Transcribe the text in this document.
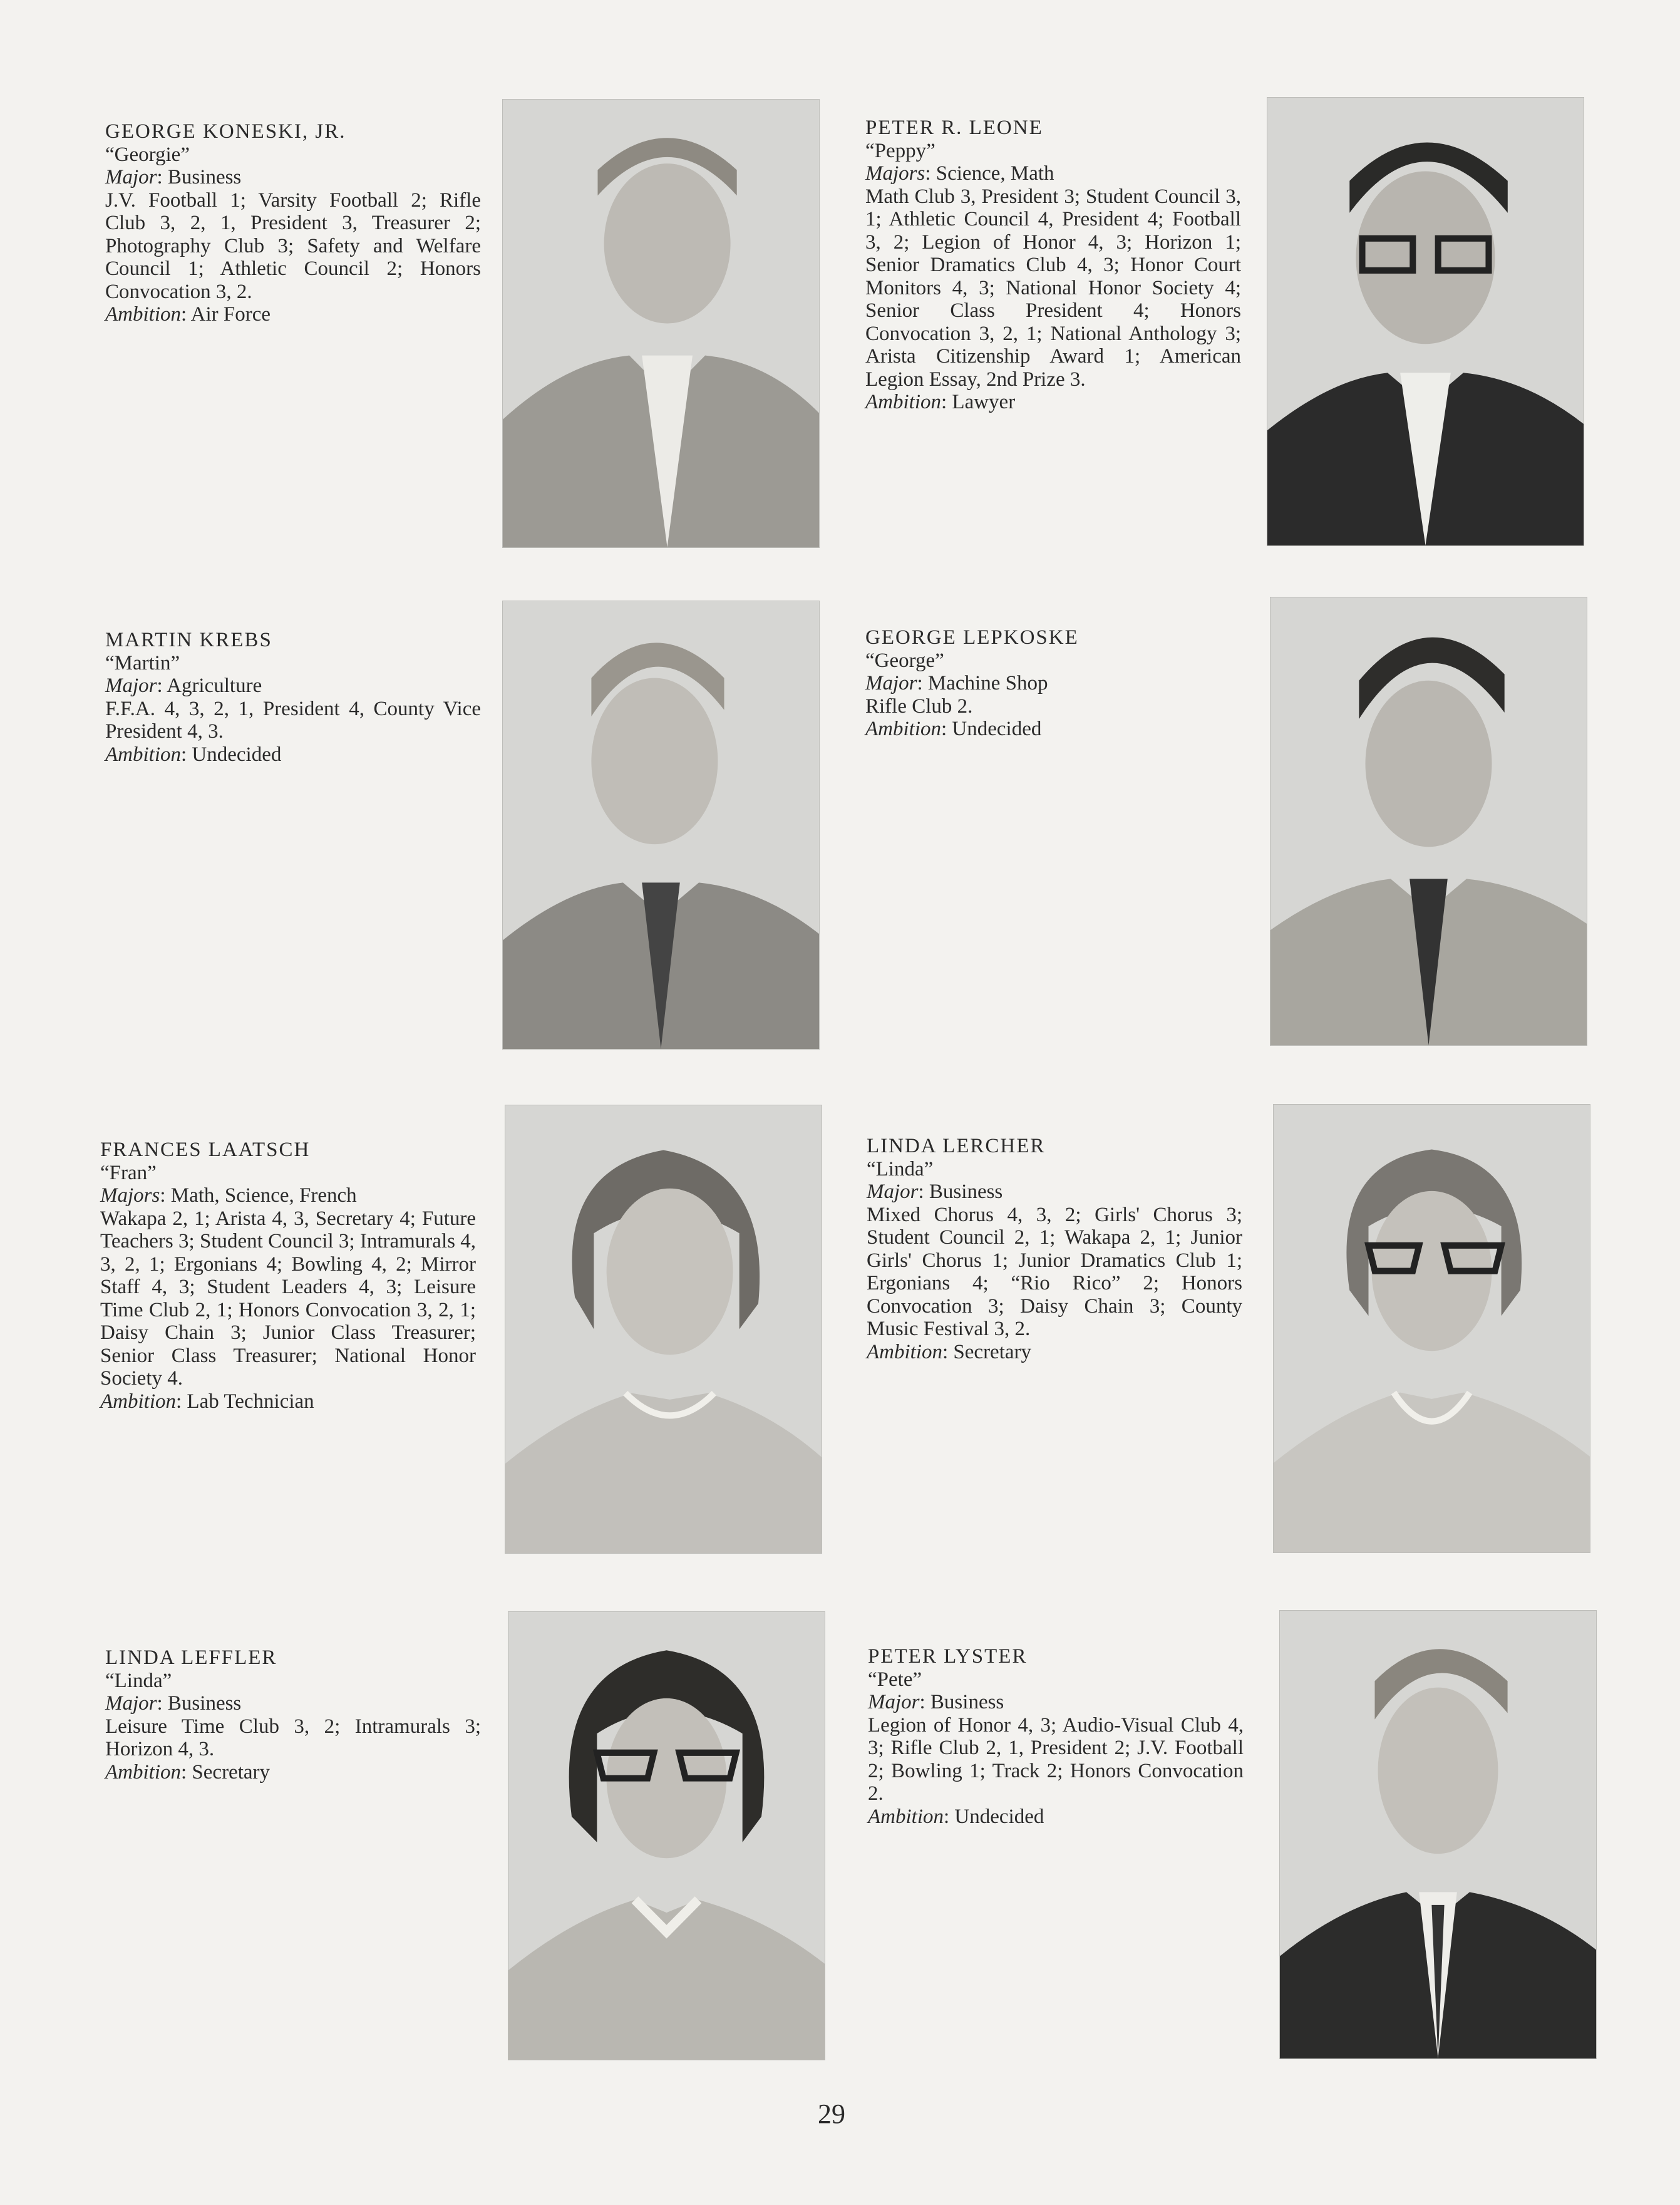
GEORGE KONESKI, JR.
“Georgie”
Major: Business
J.V. Football 1; Varsity Football 2; Rifle Club 3, 2, 1, President 3, Treasurer 2; Photography Club 3; Safety and Welfare Council 1; Athletic Council 2; Honors Convocation 3, 2.
Ambition: Air Force
PETER R. LEONE
“Peppy”
Majors: Science, Math
Math Club 3, President 3; Student Council 3, 1; Athletic Council 4, President 4; Football 3, 2; Legion of Honor 4, 3; Horizon 1; Senior Dramatics Club 4, 3; Honor Court Monitors 4, 3; National Honor Society 4; Senior Class President 4; Honors Convocation 3, 2, 1; National Anthology 3; Arista Citizenship Award 1; American Legion Essay, 2nd Prize 3.
Ambition: Lawyer
MARTIN KREBS
“Martin”
Major: Agriculture
F.F.A. 4, 3, 2, 1, President 4, County Vice President 4, 3.
Ambition: Undecided
GEORGE LEPKOSKE
“George”
Major: Machine Shop
Rifle Club 2.
Ambition: Undecided
FRANCES LAATSCH
“Fran”
Majors: Math, Science, French
Wakapa 2, 1; Arista 4, 3, Secretary 4; Future Teachers 3; Student Council 3; Intramurals 4, 3, 2, 1; Ergonians 4; Bowling 4, 2; Mirror Staff 4, 3; Student Leaders 4, 3; Leisure Time Club 2, 1; Honors Convocation 3, 2, 1; Daisy Chain 3; Junior Class Treasurer; Senior Class Treasurer; National Honor Society 4.
Ambition: Lab Technician
LINDA LERCHER
“Linda”
Major: Business
Mixed Chorus 4, 3, 2; Girls' Chorus 3; Student Council 2, 1; Wakapa 2, 1; Junior Girls' Chorus 1; Junior Dramatics Club 1; Ergonians 4; “Rio Rico” 2; Honors Convocation 3; Daisy Chain 3; County Music Festival 3, 2.
Ambition: Secretary
LINDA LEFFLER
“Linda”
Major: Business
Leisure Time Club 3, 2; Intramurals 3; Horizon 4, 3.
Ambition: Secretary
PETER LYSTER
“Pete”
Major: Business
Legion of Honor 4, 3; Audio-Visual Club 4, 3; Rifle Club 2, 1, President 2; J.V. Football 2; Bowling 1; Track 2; Honors Convocation 2.
Ambition: Undecided
29
